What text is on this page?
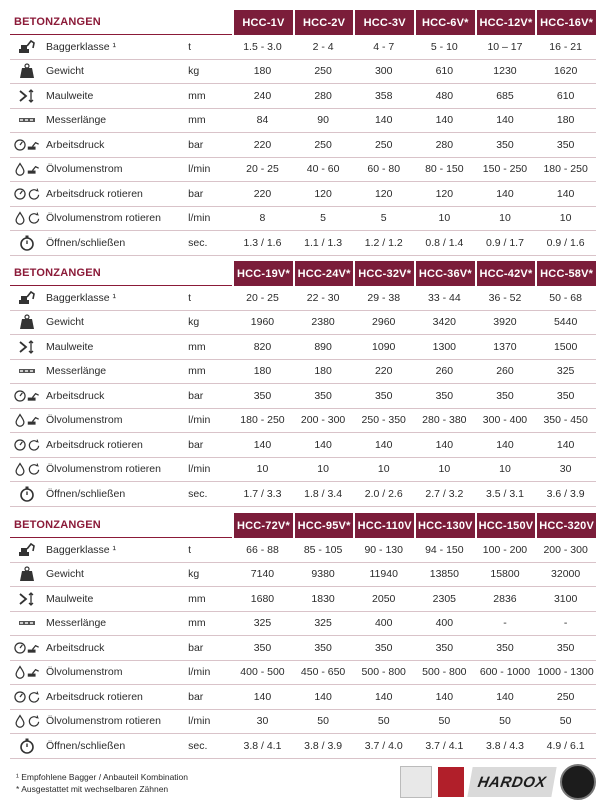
BETONZANGEN			HCC-1V	HCC-2V	HCC-3V	HCC-6V*	HCC-12V*	HCC-16V*
	Baggerklasse ¹	t	1.5 - 3.0	2 - 4	4 - 7	5 - 10	10 – 17	16 - 21
	Gewicht	kg	180	250	300	610	1230	1620
	Maulweite	mm	240	280	358	480	685	610
	Messerlänge	mm	84	90	140	140	140	180
	Arbeitsdruck	bar	220	250	250	280	350	350
	Ölvolumenstrom	l/min	20 - 25	40 - 60	60 - 80	80 - 150	150 - 250	180 - 250
	Arbeitsdruck rotieren	bar	220	120	120	120	140	140
	Ölvolumenstrom rotieren	l/min	8	5	5	10	10	10
	Öffnen/schließen	sec.	1.3 / 1.6	1.1 / 1.3	1.2 / 1.2	0.8 / 1.4	0.9 / 1.7	0.9 / 1.6
BETONZANGEN			HCC-19V*	HCC-24V*	HCC-32V*	HCC-36V*	HCC-42V*	HCC-58V*
	Baggerklasse ¹	t	20 - 25	22 - 30	29 - 38	33 - 44	36 - 52	50 - 68
	Gewicht	kg	1960	2380	2960	3420	3920	5440
	Maulweite	mm	820	890	1090	1300	1370	1500
	Messerlänge	mm	180	180	220	260	260	325
	Arbeitsdruck	bar	350	350	350	350	350	350
	Ölvolumenstrom	l/min	180 - 250	200 - 300	250 - 350	280 - 380	300 - 400	350 - 450
	Arbeitsdruck rotieren	bar	140	140	140	140	140	140
	Ölvolumenstrom rotieren	l/min	10	10	10	10	10	30
	Öffnen/schließen	sec.	1.7 / 3.3	1.8 / 3.4	2.0 / 2.6	2.7 / 3.2	3.5 / 3.1	3.6 / 3.9
BETONZANGEN			HCC-72V*	HCC-95V*	HCC-110V	HCC-130V	HCC-150V	HCC-320V
	Baggerklasse ¹	t	66 - 88	85 - 105	90 - 130	94 - 150	100 - 200	200 - 300
	Gewicht	kg	7140	9380	11940	13850	15800	32000
	Maulweite	mm	1680	1830	2050	2305	2836	3100
	Messerlänge	mm	325	325	400	400	-	-
	Arbeitsdruck	bar	350	350	350	350	350	350
	Ölvolumenstrom	l/min	400 - 500	450 - 650	500 - 800	500 - 800	600 - 1000	1000 - 1300
	Arbeitsdruck rotieren	bar	140	140	140	140	140	250
	Ölvolumenstrom rotieren	l/min	30	50	50	50	50	50
	Öffnen/schließen	sec.	3.8 / 4.1	3.8 / 3.9	3.7 / 4.0	3.7 / 4.1	3.8 / 4.3	4.9 / 6.1
¹ Empfohlene Bagger / Anbauteil Kombination
* Ausgestattet mit wechselbaren Zähnen	HARDOX
